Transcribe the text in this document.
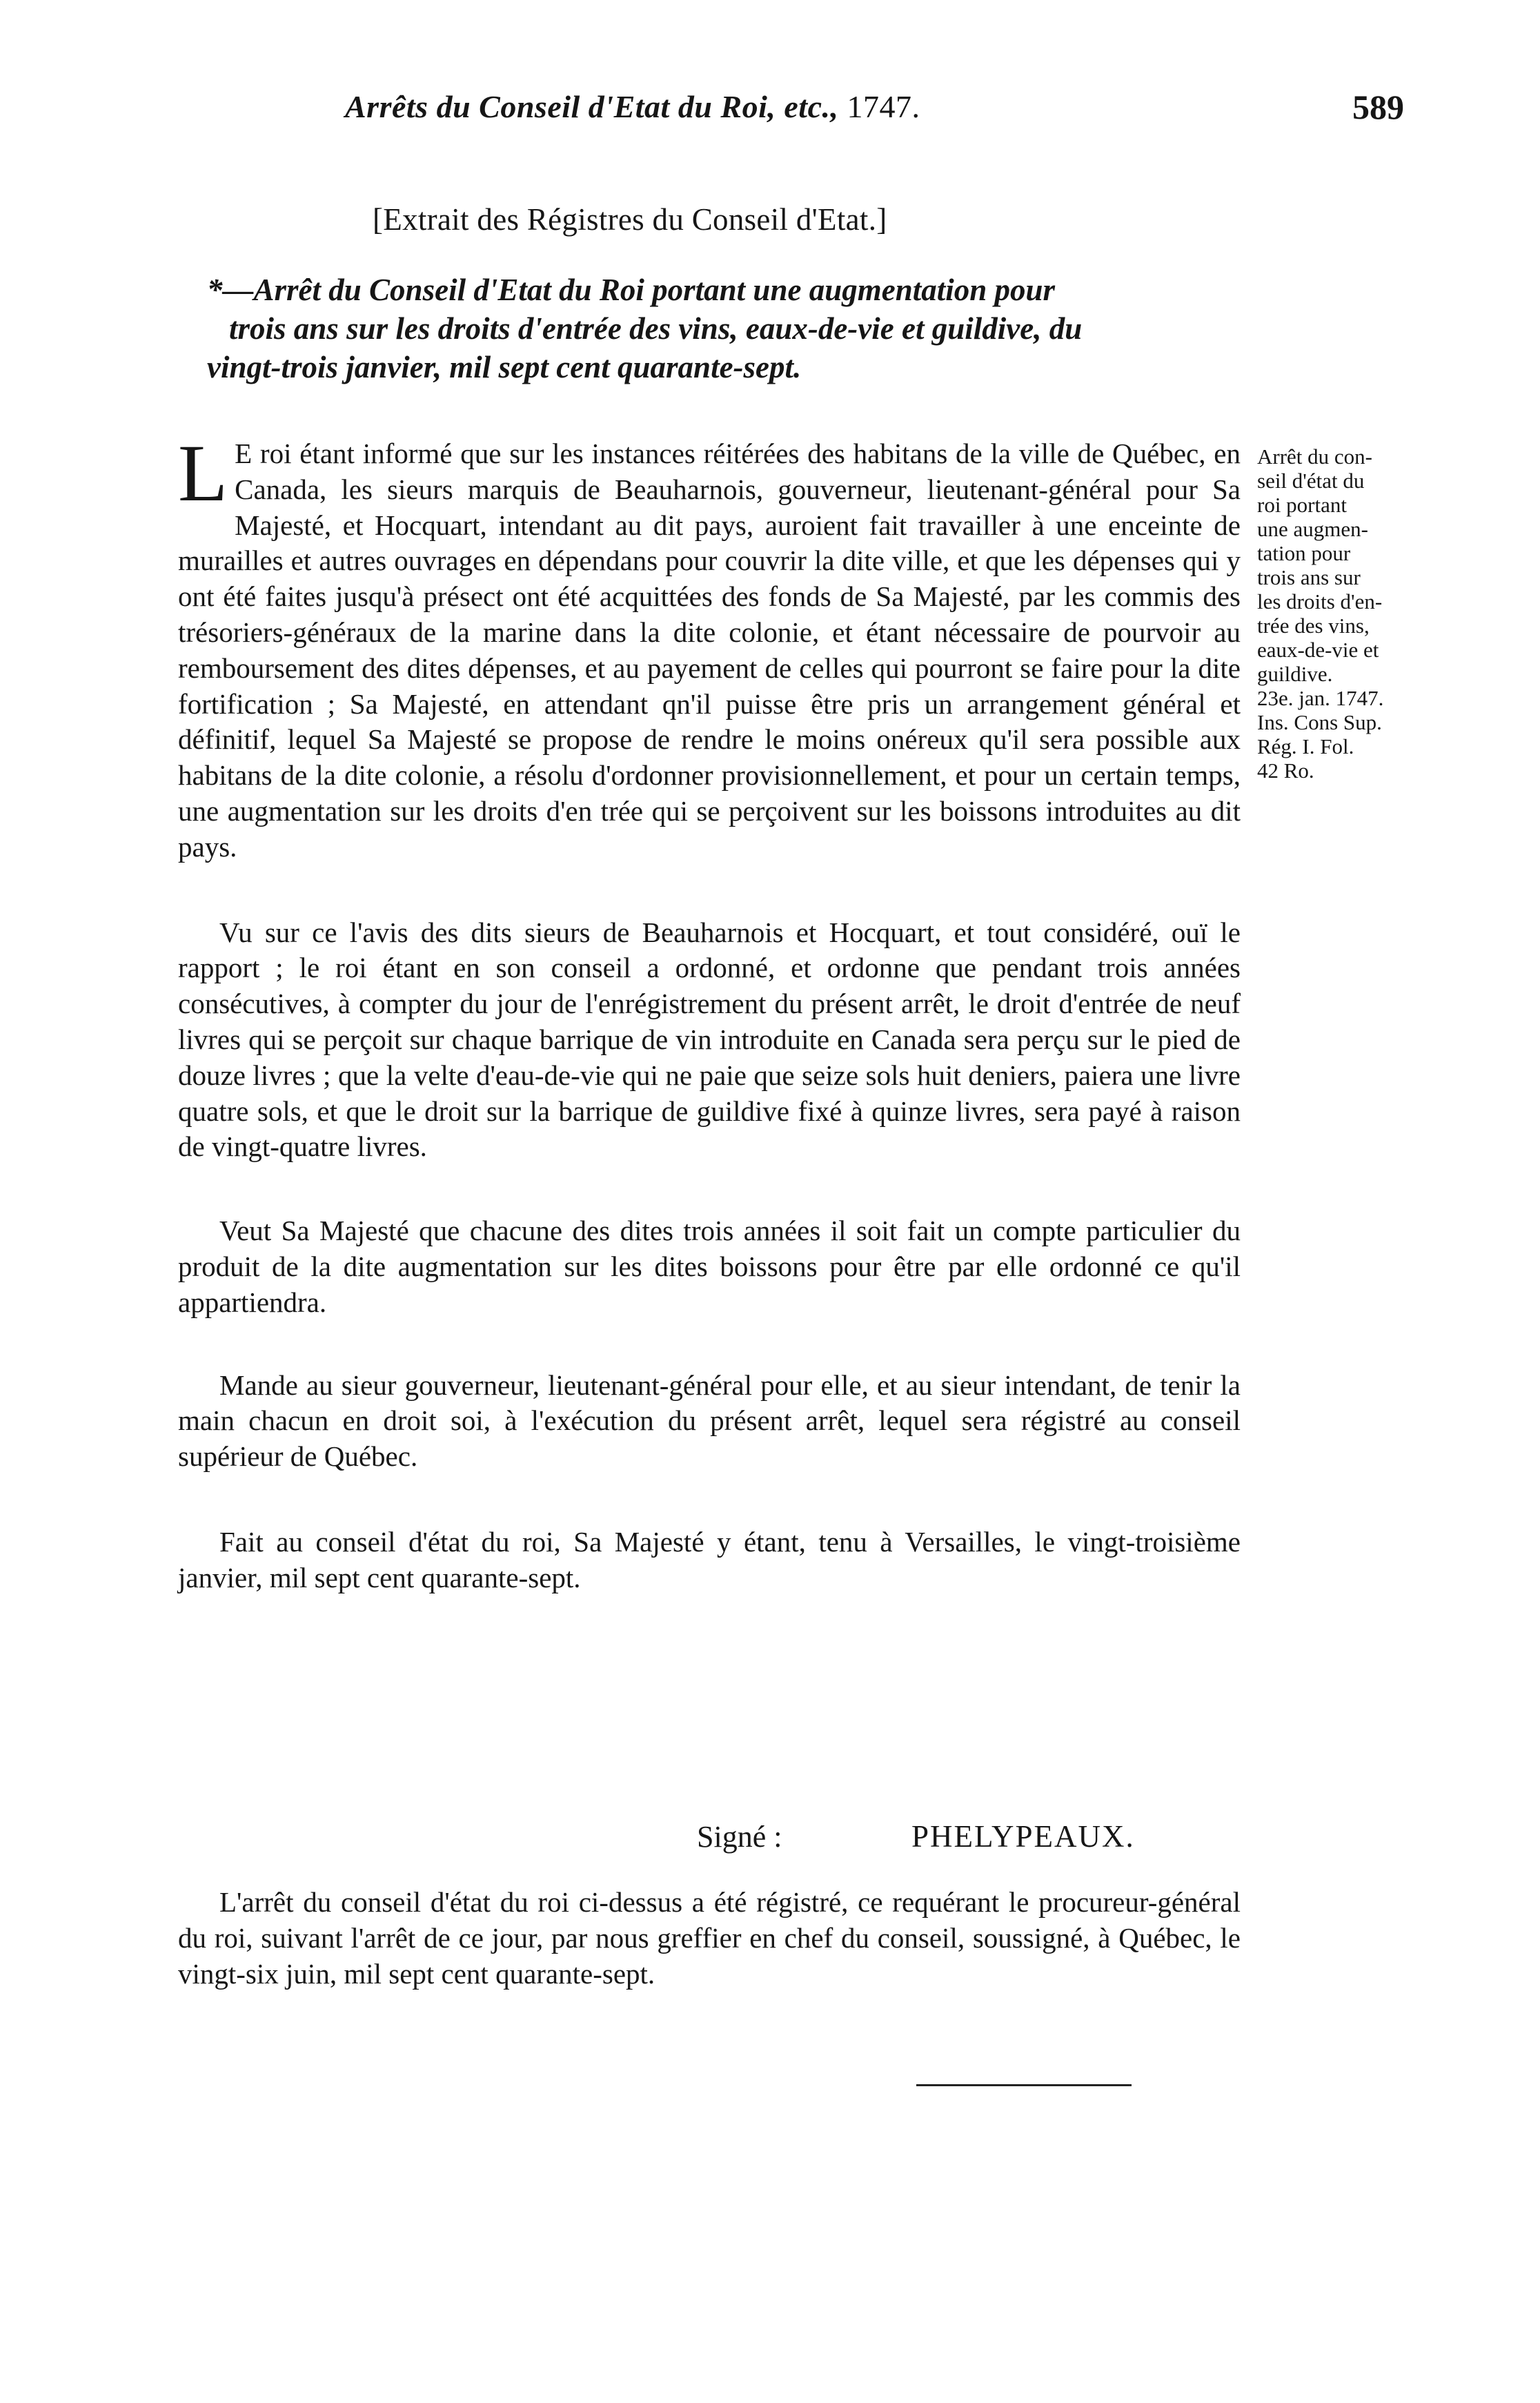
Arrêts du Conseil d'Etat du Roi, etc., 1747.	589
[Extrait des Régistres du Conseil d'Etat.]
*—Arrêt du Conseil d'Etat du Roi portant une augmentation pour
trois ans sur les droits d'entrée des vins, eaux-de-vie et guildive, du
vingt-trois janvier, mil sept cent quarante-sept.

L E roi étant informé que sur les instances réitérées des habitans de la ville de Québec, en Canada, les sieurs marquis de Beauharnois, gouverneur, lieutenant-général pour Sa Majesté, et Hocquart, intendant au dit pays, auroient fait travailler à une enceinte de murailles et autres ouvrages en dépendans pour couvrir la dite ville, et que les dépenses qui y ont été faites jusqu'à présect ont été acquittées des fonds de Sa Majesté, par les commis des trésoriers-généraux de la marine dans la dite colonie, et étant nécessaire de pourvoir au remboursement des dites dépenses, et au payement de celles qui pourront se faire pour la dite fortification ; Sa Majesté, en attendant qn'il puisse être pris un arrangement général et définitif, lequel Sa Majesté se propose de rendre le moins onéreux qu'il sera possible aux habitans de la dite colonie, a résolu d'ordonner provisionnellement, et pour un certain temps, une augmentation sur les droits d'en trée qui se perçoivent sur les boissons introduites au dit pays.

Vu sur ce l'avis des dits sieurs de Beauharnois et Hocquart, et tout considéré, ouï le rapport ; le roi étant en son conseil a ordonné, et ordonne que pendant trois années consécutives, à compter du jour de l'enrégistrement du présent arrêt, le droit d'entrée de neuf livres qui se perçoit sur chaque barrique de vin introduite en Canada sera perçu sur le pied de douze livres ; que la velte d'eau-de-vie qui ne paie que seize sols huit deniers, paiera une livre quatre sols, et que le droit sur la barrique de guildive fixé à quinze livres, sera payé à raison de vingt-quatre livres.

Veut Sa Majesté que chacune des dites trois années il soit fait un compte particulier du produit de la dite augmentation sur les dites boissons pour être par elle ordonné ce qu'il appartiendra.

Mande au sieur gouverneur, lieutenant-général pour elle, et au sieur intendant, de tenir la main chacun en droit soi, à l'exécution du présent arrêt, lequel sera régistré au conseil supérieur de Québec.

Fait au conseil d'état du roi, Sa Majesté y étant, tenu à Versailles, le vingt-troisième janvier, mil sept cent quarante-sept.

Signé :	PHELYPEAUX.

L'arrêt du conseil d'état du roi ci-dessus a été régistré, ce requérant le procureur-général du roi, suivant l'arrêt de ce jour, par nous greffier en chef du conseil, soussigné, à Québec, le vingt-six juin, mil sept cent quarante-sept.

Arrêt du con-
seil d'état du
roi portant
une augmen-
tation pour
trois ans sur
les droits d'en-
trée des vins,
eaux-de-vie et
guildive.
23e. jan. 1747.
Ins. Cons Sup.
Rég. I. Fol.
42 Ro.
